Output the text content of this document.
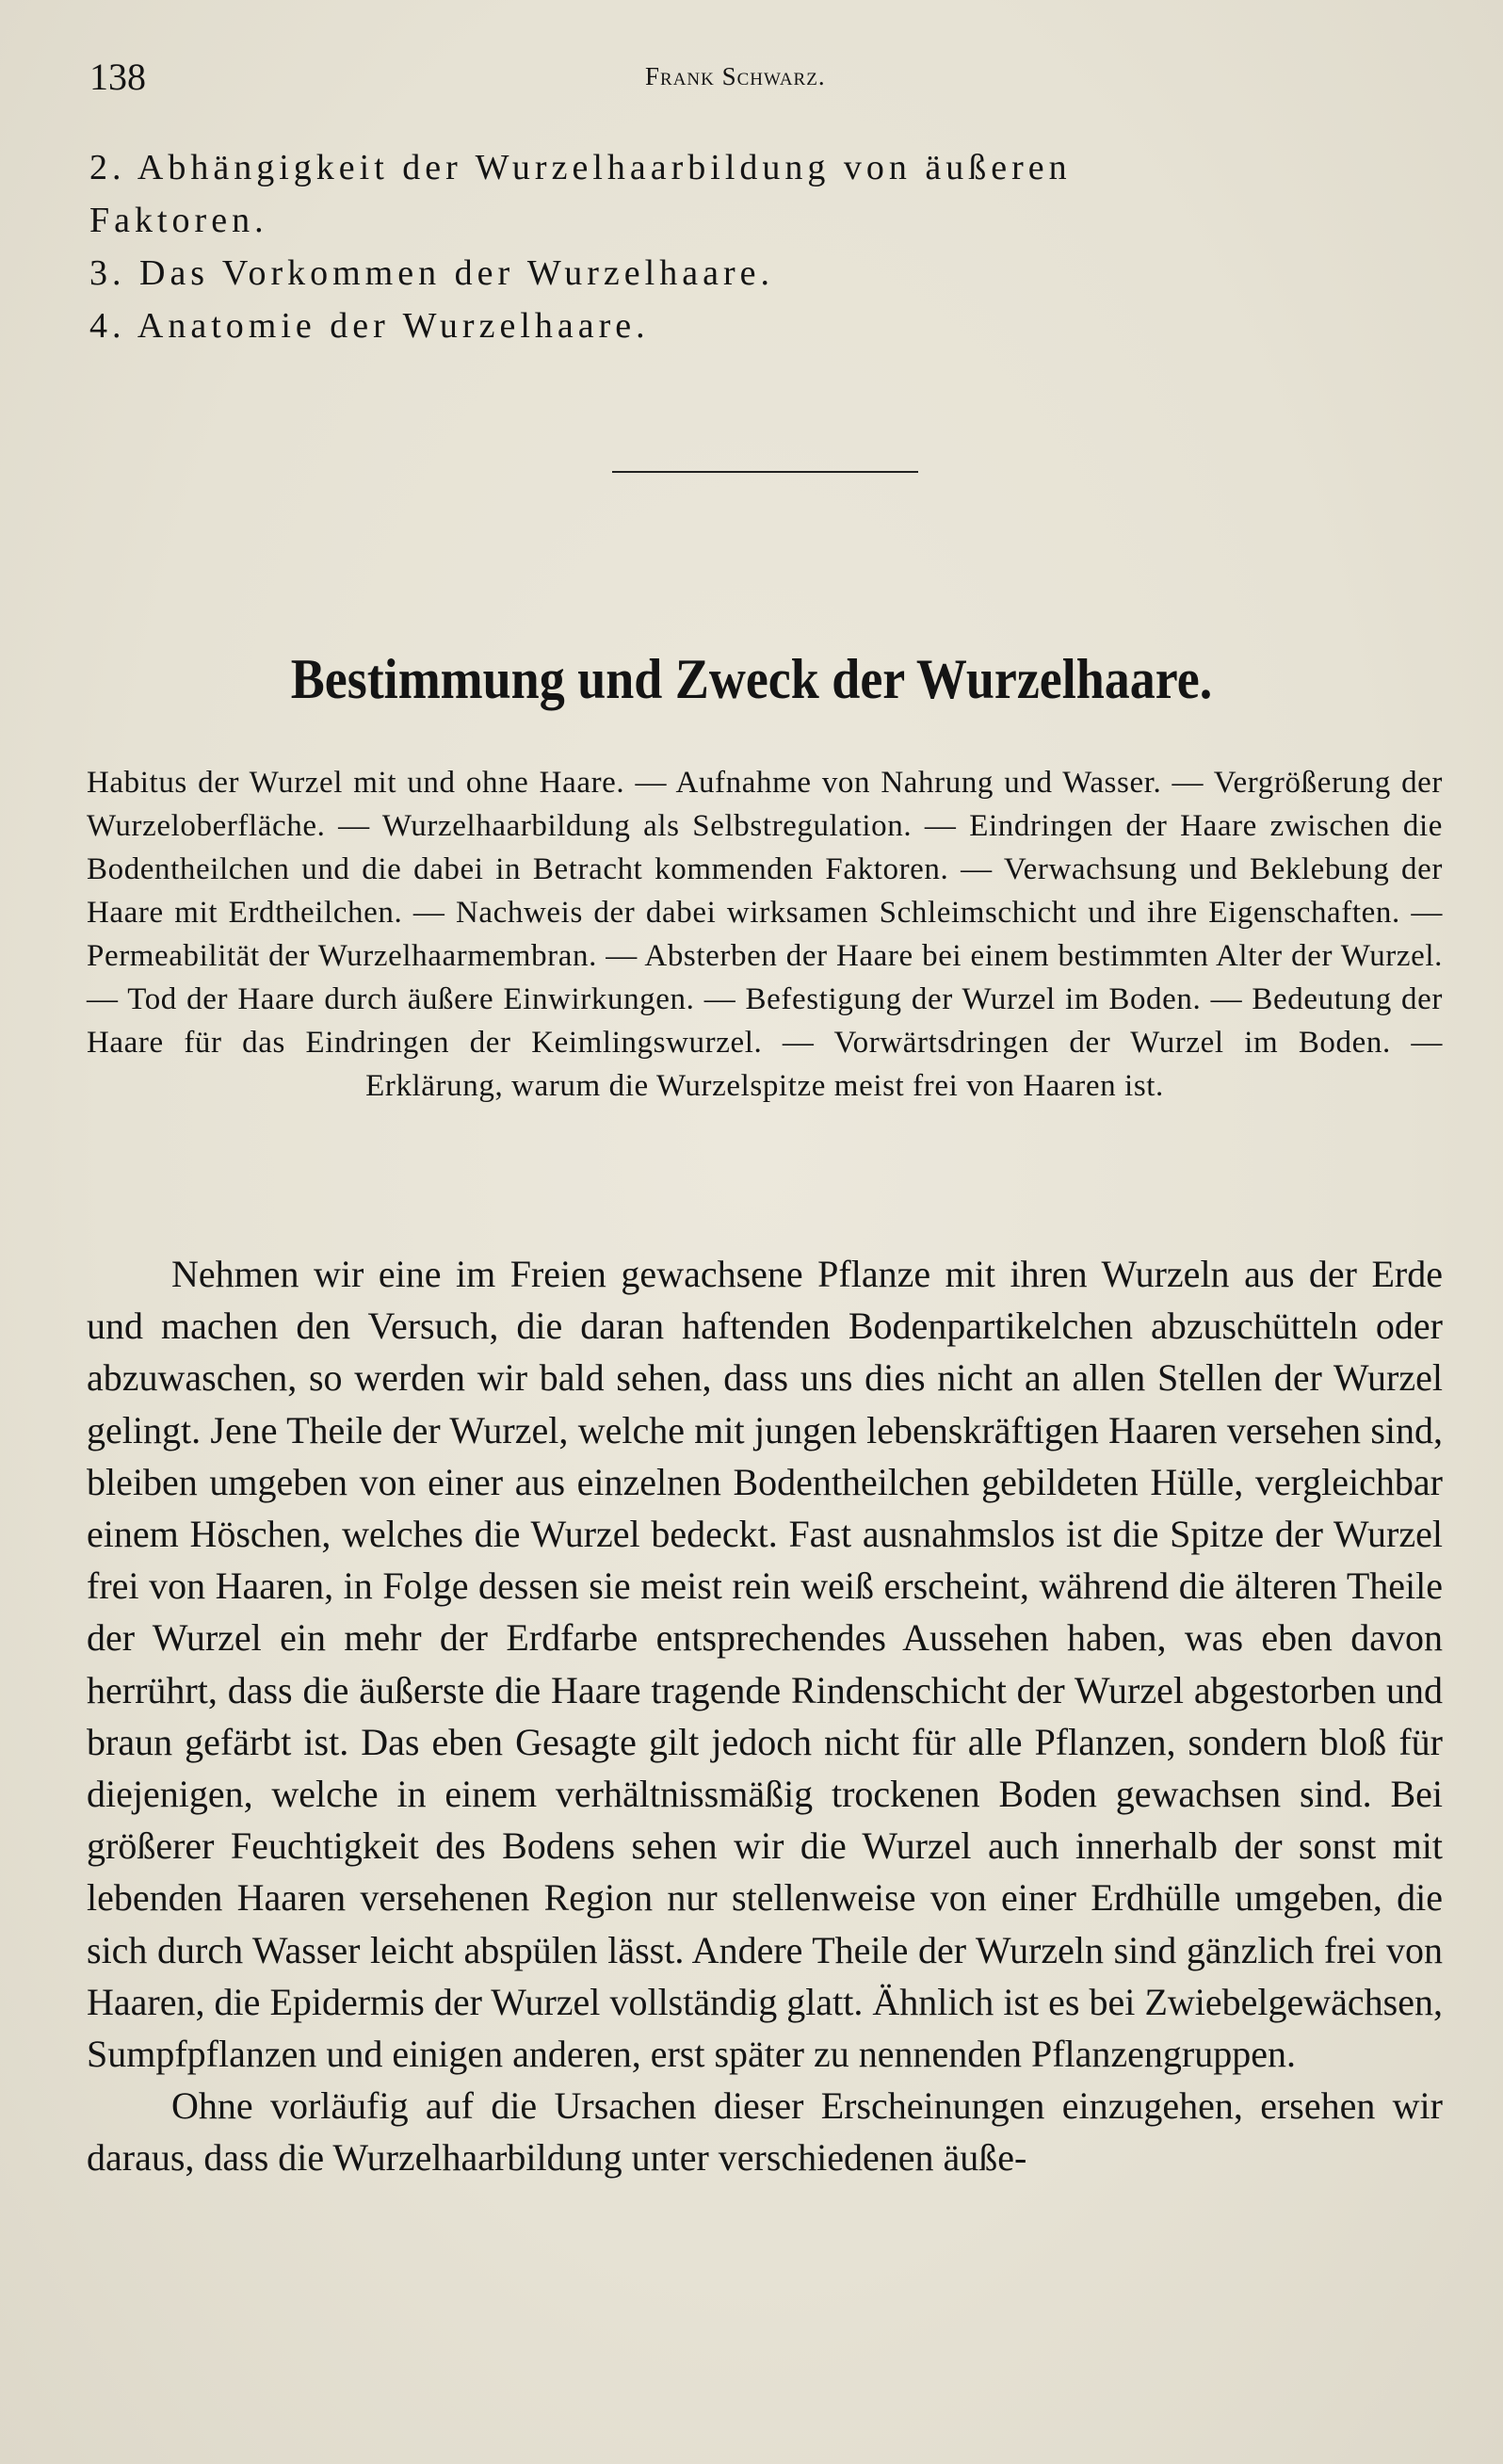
138	Frank Schwarz.
2. Abhängigkeit der Wurzelhaarbildung von äußeren
Faktoren.
3. Das Vorkommen der Wurzelhaare.
4. Anatomie der Wurzelhaare.
Bestimmung und Zweck der Wurzelhaare.
Habitus der Wurzel mit und ohne Haare. — Aufnahme von Nahrung und Wasser. — Vergrößerung der Wurzeloberfläche. — Wurzelhaarbildung als Selbstregulation. — Eindringen der Haare zwischen die Bodentheilchen und die dabei in Betracht kommenden Faktoren. — Verwachsung und Beklebung der Haare mit Erdtheilchen. — Nachweis der dabei wirksamen Schleimschicht und ihre Eigenschaften. — Permeabilität der Wurzelhaarmembran. — Absterben der Haare bei einem bestimmten Alter der Wurzel. — Tod der Haare durch äußere Einwirkungen. — Befestigung der Wurzel im Boden. — Bedeutung der Haare für das Eindringen der Keimlingswurzel. — Vorwärtsdringen der Wurzel im Boden. — Erklärung, warum die Wurzelspitze meist frei von Haaren ist.

Nehmen wir eine im Freien gewachsene Pflanze mit ihren Wurzeln aus der Erde und machen den Versuch, die daran haftenden Bodenpartikelchen abzuschütteln oder abzuwaschen, so werden wir bald sehen, dass uns dies nicht an allen Stellen der Wurzel gelingt. Jene Theile der Wurzel, welche mit jungen lebenskräftigen Haaren versehen sind, bleiben umgeben von einer aus einzelnen Bodentheilchen gebildeten Hülle, vergleichbar einem Höschen, welches die Wurzel bedeckt. Fast ausnahmslos ist die Spitze der Wurzel frei von Haaren, in Folge dessen sie meist rein weiß erscheint, während die älteren Theile der Wurzel ein mehr der Erdfarbe entsprechendes Aussehen haben, was eben davon herrührt, dass die äußerste die Haare tragende Rindenschicht der Wurzel abgestorben und braun gefärbt ist. Das eben Gesagte gilt jedoch nicht für alle Pflanzen, sondern bloß für diejenigen, welche in einem verhältnissmäßig trockenen Boden gewachsen sind. Bei größerer Feuchtigkeit des Bodens sehen wir die Wurzel auch innerhalb der sonst mit lebenden Haaren versehenen Region nur stellenweise von einer Erdhülle umgeben, die sich durch Wasser leicht abspülen lässt. Andere Theile der Wurzeln sind gänzlich frei von Haaren, die Epidermis der Wurzel vollständig glatt. Ähnlich ist es bei Zwiebelgewächsen, Sumpfpflanzen und einigen anderen, erst später zu nennenden Pflanzengruppen.

Ohne vorläufig auf die Ursachen dieser Erscheinungen einzugehen, ersehen wir daraus, dass die Wurzelhaarbildung unter verschiedenen äuße-
